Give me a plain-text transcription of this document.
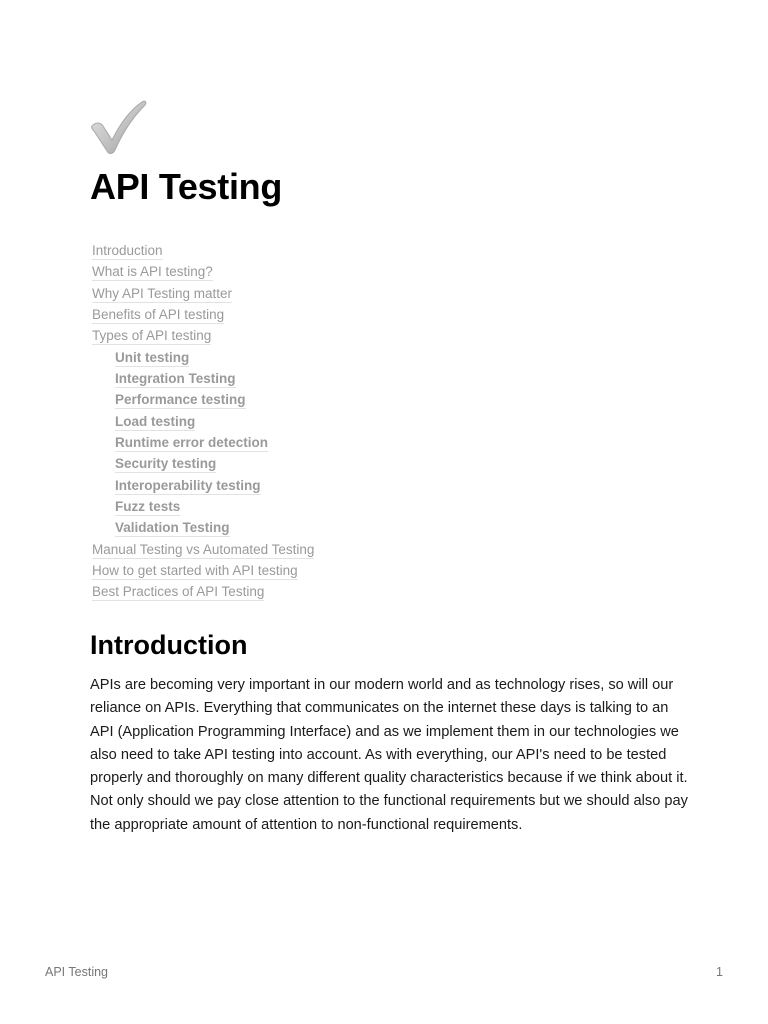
API Testing
Introduction
What is API testing?
Why API Testing matter
Benefits of API testing
Types of API testing
Unit testing
Integration Testing
Performance testing
Load testing
Runtime error detection
Security testing
Interoperability testing
Fuzz tests
Validation Testing
Manual Testing vs Automated Testing
How to get started with API testing
Best Practices of API Testing
Introduction

APIs are becoming very important in our modern world and as technology rises, so will our reliance on APIs. Everything that communicates on the internet these days is talking to an API (Application Programming Interface) and as we implement them in our technologies we also need to take API testing into account. As with everything, our API's need to be tested properly and thoroughly on many different quality characteristics because if we think about it. Not only should we pay close attention to the functional requirements but we should also pay the appropriate amount of attention to non-functional requirements.

API Testing	1
